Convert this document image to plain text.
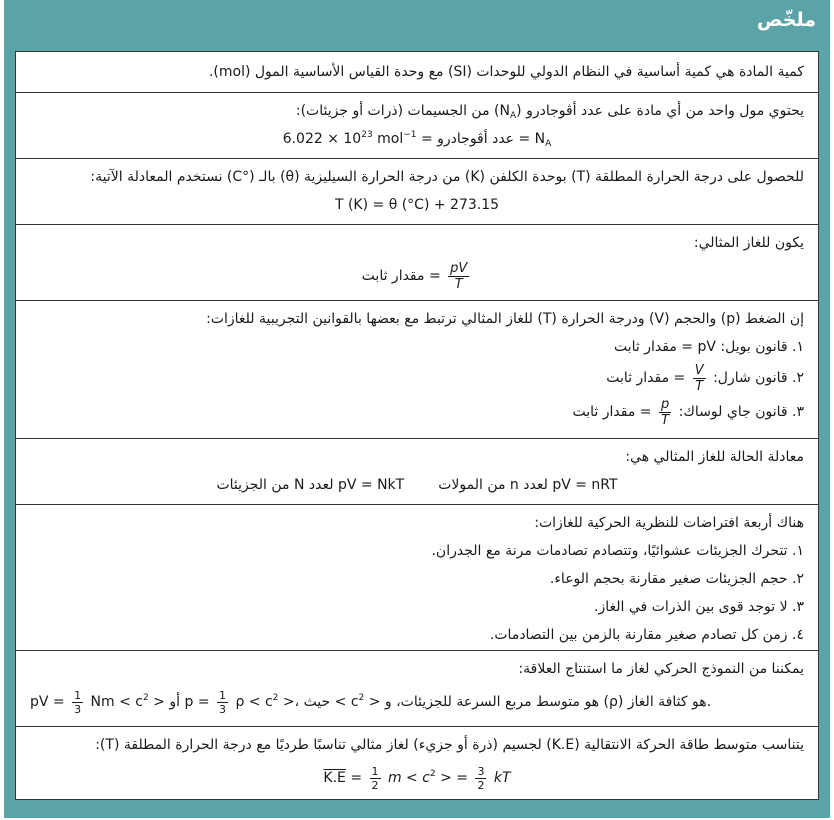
ملخّص
كمية المادة هي كمية أساسية في النظام الدولي للوحدات (SI) مع وحدة القياس الأساسية المول (mol).
يحتوي مول واحد من أي مادة على عدد أڤوجادرو $(N_A)$ من الجسيمات (ذرات أو جزيئات):
$6.022 \times 10^{23}$ mol$^{-1}$ = عدد أڤوجادرو = $N_A$
للحصول على درجة الحرارة المطلقة (T) بوحدة الكلفن (K) من درجة الحرارة السيليزية (θ) بالـ (°C) نستخدم المعادلة الآتية:
T (K) = θ (°C) + 273.15
يكون للغاز المثالي:
$\frac{pV}{T}$
= مقدار ثابت
إن الضغط (p) والحجم (V) ودرجة الحرارة (T) للغاز المثالي ترتبط مع بعضها بالقوانين التجريبية للغازات:
١. قانون بويل: pV = مقدار ثابت
٢. قانون شارل:
$\frac{V}{T}$
= مقدار ثابت
٣. قانون جاي لوساك:
$\frac{p}{T}$
= مقدار ثابت
معادلة الحالة للغاز المثالي هي:
pV = nRT لعدد n من المولاتpV = NkT لعدد N من الجزيئات
هناك أربعة افتراضات للنظرية الحركية للغازات:
١. تتحرك الجزيئات عشوائيًا، وتتصادم تصادمات مرنة مع الجدران.
٢. حجم الجزيئات صغير مقارنة بحجم الوعاء.
٣. لا توجد قوى بين الذرات في الغاز.
٤. زمن كل تصادم صغير مقارنة بالزمن بين التصادمات.
يمكننا من النموذج الحركي لغاز ما استنتاج العلاقة:
pV = $\frac{1}{3}$ $Nm < c^2$ > أو $p = \frac{1}{3}$ $\rho < c^2$ >، حيث < $c^2$ > هو متوسط مربع السرعة للجزيئات، و (ρ) هو كثافة الغاز.
يتناسب متوسط طاقة الحركة الانتقالية (K.E) لجسيم (ذرة أو جزيء) لغاز مثالي تناسبًا طرديًا مع درجة الحرارة المطلقة (T):
$K.E = \frac{1}{2}$ $m < c^2$ > = $\frac{3}{2}$ kT
